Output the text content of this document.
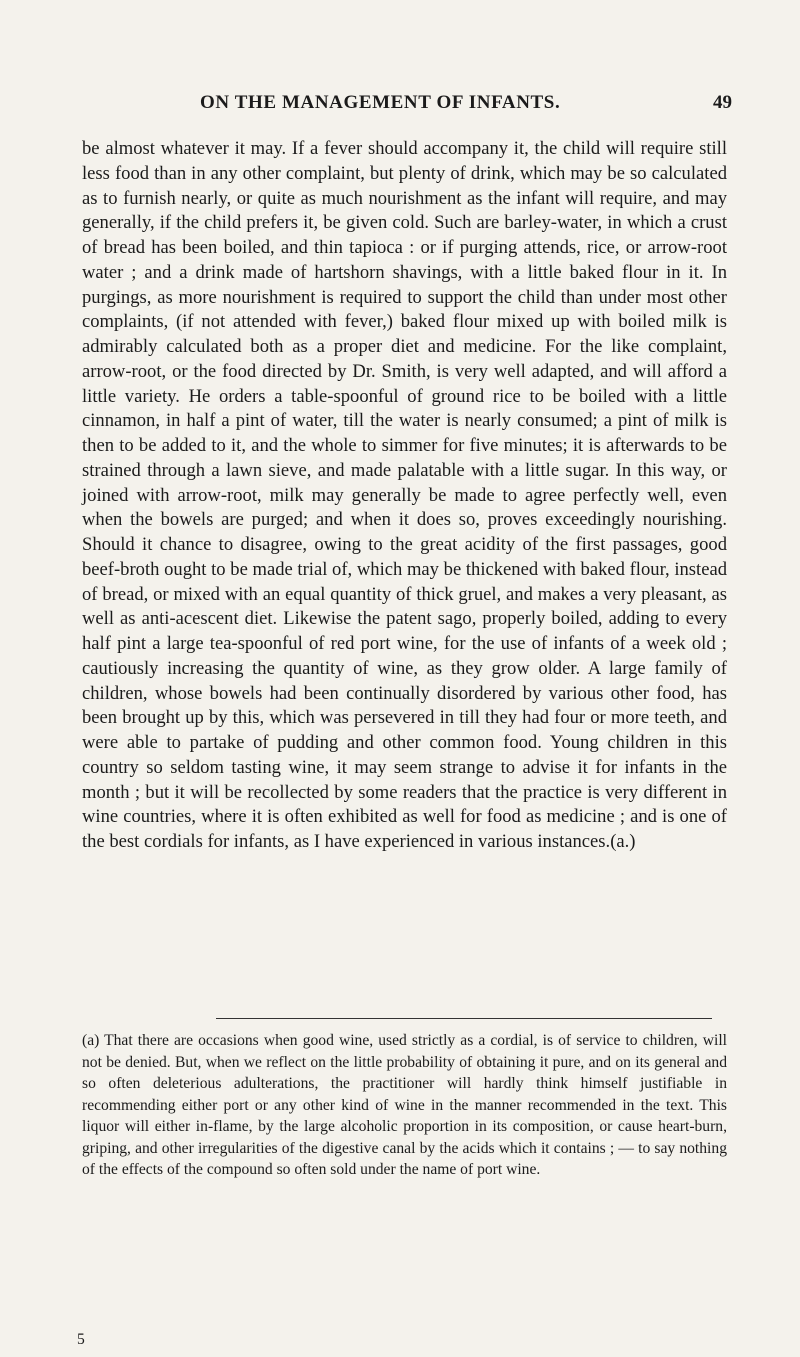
ON THE MANAGEMENT OF INFANTS.	49

be almost whatever it may. If a fever should accompany it, the child will require still less food than in any other complaint, but plenty of drink, which may be so calculated as to furnish nearly, or quite as much nourishment as the infant will require, and may generally, if the child prefers it, be given cold. Such are barley-water, in which a crust of bread has been boiled, and thin tapioca : or if purging attends, rice, or arrow-root water ; and a drink made of hartshorn shavings, with a little baked flour in it. In purgings, as more nourishment is required to support the child than under most other complaints, (if not attended with fever,) baked flour mixed up with boiled milk is admirably calculated both as a proper diet and medicine. For the like complaint, arrow-root, or the food directed by Dr. Smith, is very well adapted, and will afford a little variety. He orders a table-spoonful of ground rice to be boiled with a little cinnamon, in half a pint of water, till the water is nearly consumed; a pint of milk is then to be added to it, and the whole to simmer for five minutes; it is afterwards to be strained through a lawn sieve, and made palatable with a little sugar. In this way, or joined with arrow-root, milk may generally be made to agree perfectly well, even when the bowels are purged; and when it does so, proves exceedingly nourishing. Should it chance to disagree, owing to the great acidity of the first passages, good beef-broth ought to be made trial of, which may be thickened with baked flour, instead of bread, or mixed with an equal quantity of thick gruel, and makes a very pleasant, as well as anti-acescent diet. Likewise the patent sago, properly boiled, adding to every half pint a large tea-spoonful of red port wine, for the use of infants of a week old ; cautiously increasing the quantity of wine, as they grow older. A large family of children, whose bowels had been continually disordered by various other food, has been brought up by this, which was persevered in till they had four or more teeth, and were able to partake of pudding and other common food. Young children in this country so seldom tasting wine, it may seem strange to advise it for infants in the month ; but it will be recollected by some readers that the practice is very different in wine countries, where it is often exhibited as well for food as medicine ; and is one of the best cordials for infants, as I have experienced in various instances.(a.)

(a) That there are occasions when good wine, used strictly as a cordial, is of service to children, will not be denied. But, when we reflect on the little probability of obtaining it pure, and on its general and so often deleterious adulterations, the practitioner will hardly think himself justifiable in recommending either port or any other kind of wine in the manner recommended in the text. This liquor will either in-flame, by the large alcoholic proportion in its composition, or cause heart-burn, griping, and other irregularities of the digestive canal by the acids which it contains ; — to say nothing of the effects of the compound so often sold under the name of port wine.

5
